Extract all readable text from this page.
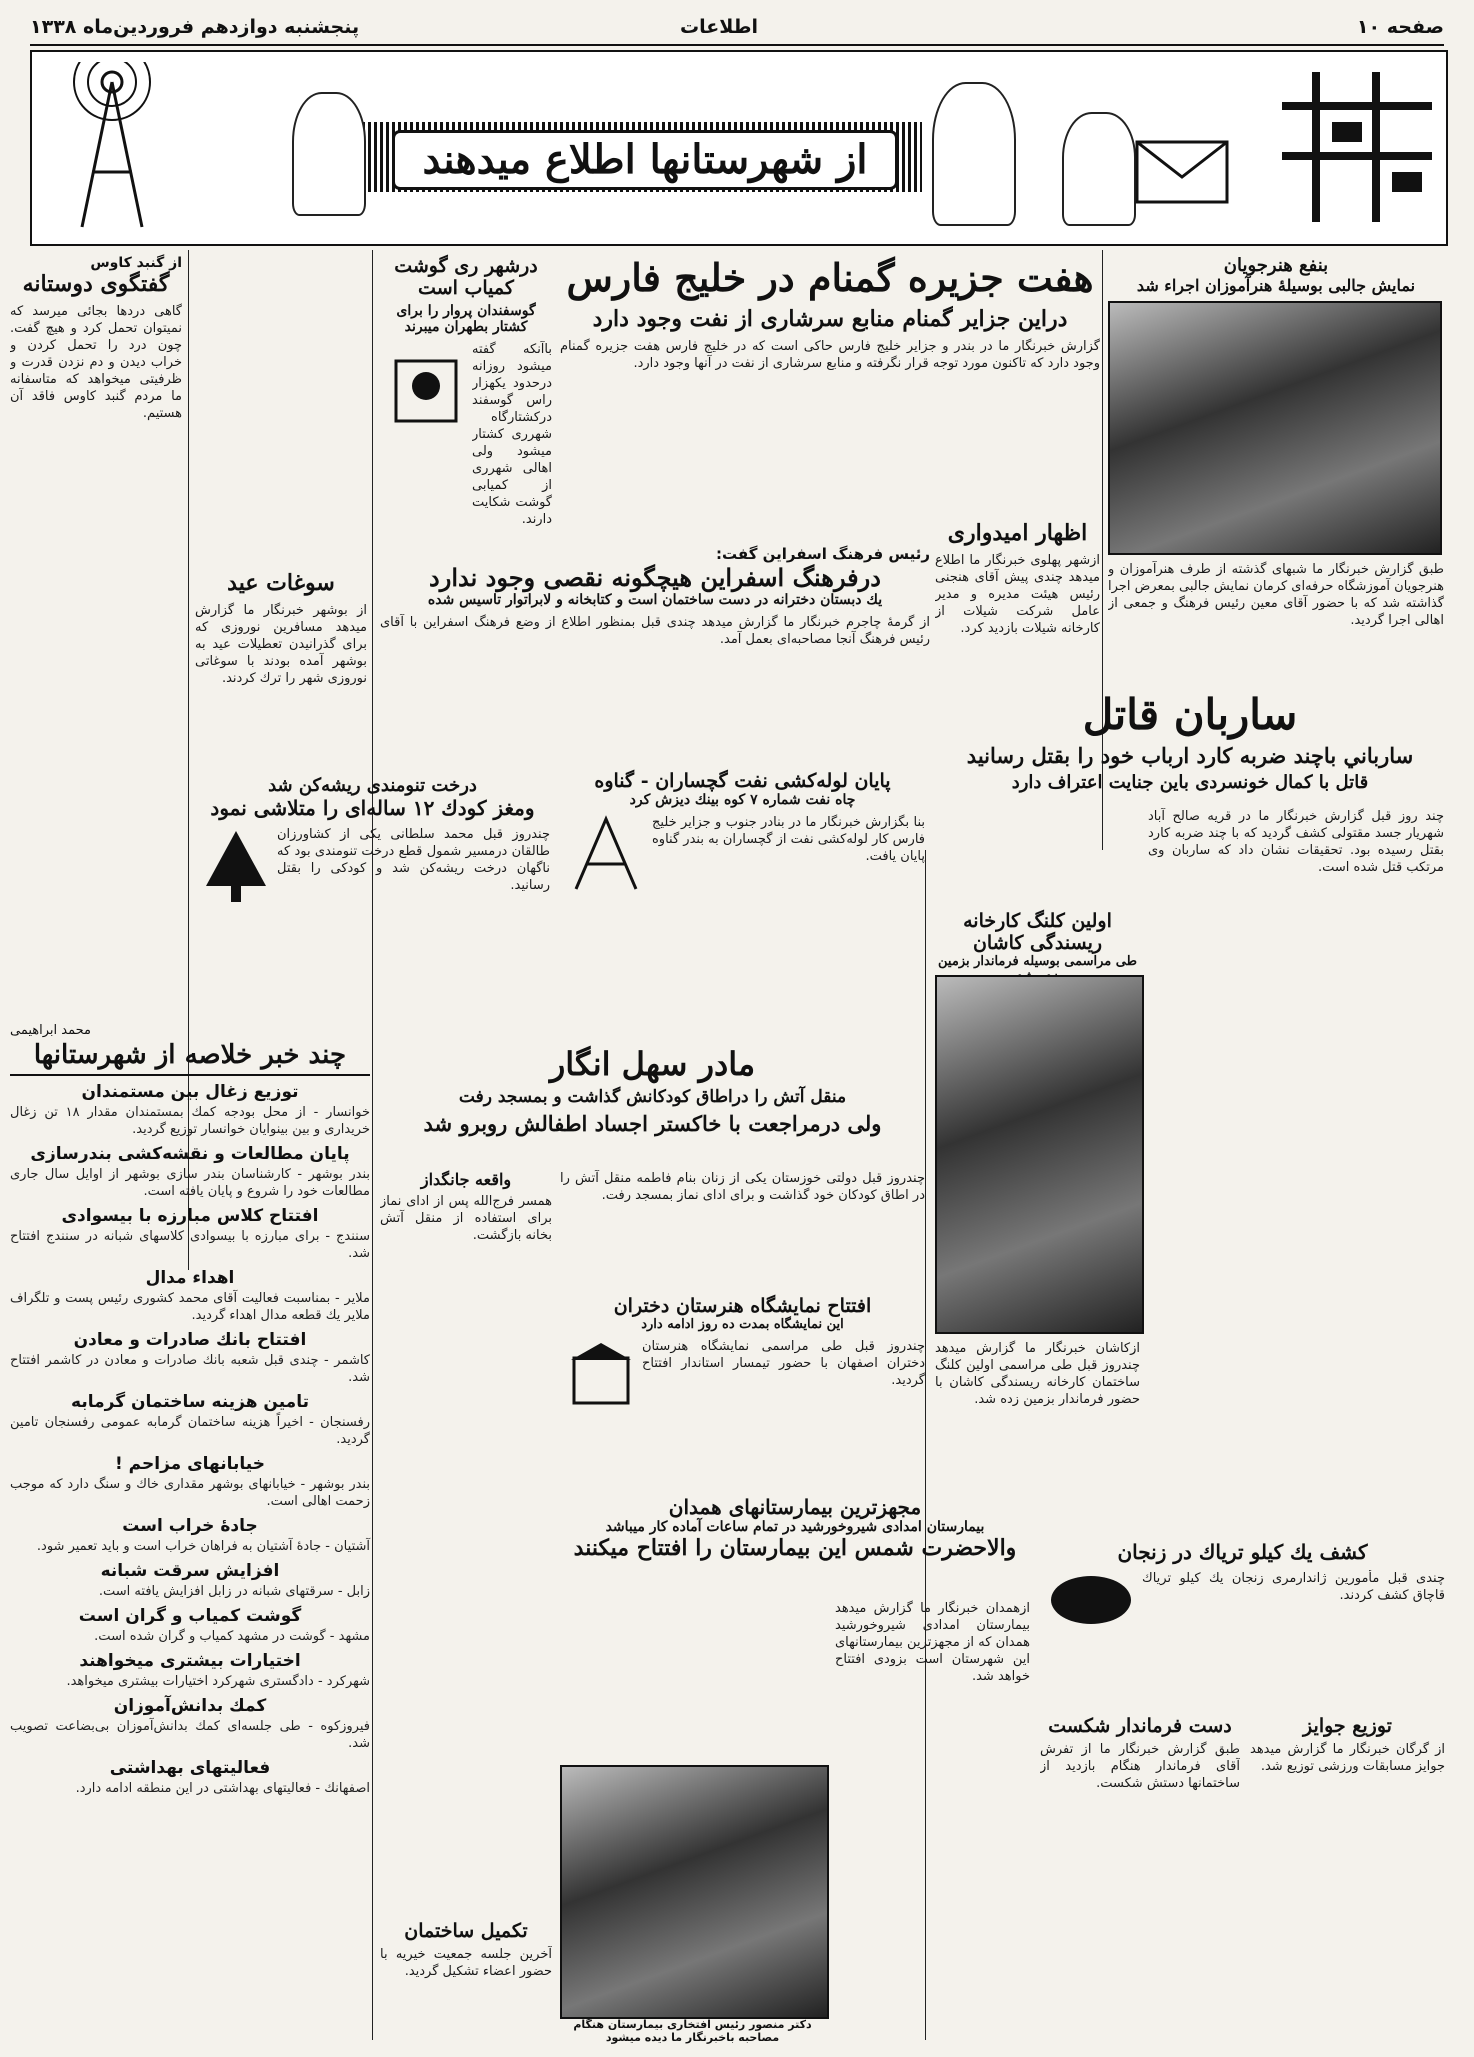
پنجشنبه دوازدهم فروردین‌ماه ۱۳۳۸	اطلاعات	صفحه ۱۰
از شهرستانها اطلاع میدهند
بنفع هنرجویان
نمایش جالبی بوسیلهٔ هنرآموزان اجراء شد
طبق گزارش خبرنگار ما شبهای گذشته از طرف هنرآموزان و هنرجویان آموزشگاه حرفه‌ای کرمان نمایش جالبی بمعرض اجرا گذاشته شد که با حضور آقای معین رئیس فرهنگ و جمعی از اهالی اجرا گردید.
هفت جزیره گمنام در خلیج فارس
دراین جزایر گمنام منابع سرشاری از نفت وجود دارد
گزارش خبرنگار ما در بندر و جزایر خلیج فارس حاکی است که در خلیج فارس هفت جزیره گمنام وجود دارد که تاکنون مورد توجه قرار نگرفته و منابع سرشاری از نفت در آنها وجود دارد.
درشهر ری گوشت کمیاب است
گوسفندان پروار را برای کشتار بطهران میبرند
باآنکه گفته میشود روزانه درحدود یکهزار راس گوسفند درکشتارگاه شهرری کشتار میشود ولی اهالی شهرری از کمیابی گوشت شکایت دارند.
از گنبد کاوس
گفتگوی دوستانه
گاهی دردها بجائی میرسد که نمیتوان تحمل کرد و هیچ گفت. چون درد را تحمل کردن و خراب دیدن و دم نزدن قدرت و ظرفیتی میخواهد که متاسفانه ما مردم گنبد کاوس فاقد آن هستیم.
محمد ابراهیمی
رئیس فرهنگ اسفراین گفت:
درفرهنگ اسفراین هیچگونه نقصی وجود ندارد
یك دبستان دخترانه در دست ساختمان است و کتابخانه و لابراتوار تاسیس شده
از گرمهٔ چاجرم خبرنگار ما گزارش میدهد چندی قبل بمنظور اطلاع از وضع فرهنگ اسفراین با آقای رئیس فرهنگ آنجا مصاحبه‌ای بعمل آمد.
اظهار امیدواری
ازشهر پهلوی خبرنگار ما اطلاع میدهد چندی پیش آقای هنجنی رئیس هیئت مدیره و مدیر عامل شرکت شیلات از کارخانه شیلات بازدید کرد.
سوغات عید
از بوشهر خبرنگار ما گزارش میدهد مسافرین نوروزی که برای گذرانیدن تعطیلات عید به بوشهر آمده بودند با سوغاتی نوروزی شهر را ترك کردند.
ساربان قاتل
سارباني باچند ضربه کارد ارباب خود را بقتل رسانید
قاتل با کمال خونسردی باین جنایت اعتراف دارد
چند روز قبل گزارش خبرنگار ما در قریه صالح آباد شهریار جسد مقتولی کشف گردید که با چند ضربه کارد بقتل رسیده بود. تحقیقات نشان داد که ساربان وی مرتکب قتل شده است.
اولین کلنگ کارخانه ریسندگی کاشان
طی مراسمی بوسیله فرماندار بزمین
ازکاشان خبرنگار ما گزارش میدهد چندروز قبل طی مراسمی اولین کلنگ ساختمان کارخانه ریسندگی کاشان با حضور فرماندار بزمین زده شد.
درخت تنومندی ریشه‌کن شد
ومغز کودك ۱۲ ساله‌ای را متلاشی نمود
چندروز قبل محمد سلطانی یکی از کشاورزان طالقان درمسیر شمول قطع درخت تنومندی بود که ناگهان درخت ریشه‌کن شد و کودکی را بقتل رسانید.
پایان لوله‌کشی نفت گچساران - گناوه
چاه نفت شماره ۷ کوه بینك دیزش کرد
بنا بگزارش خبرنگار ما در بنادر جنوب و جزایر خلیج فارس کار لوله‌کشی نفت از گچساران به بندر گناوه پایان یافت.
مادر سهل انگار
منقل آتش را دراطاق کودکانش گذاشت و بمسجد رفت
ولی درمراجعت با خاکستر اجساد اطفالش روبرو شد
چندروز قبل دولتی خوزستان یکی از زنان بنام فاطمه منقل آتش را در اطاق کودکان خود گذاشت و برای ادای نماز بمسجد رفت.
واقعه جانگداز
همسر فرج‌الله پس از ادای نماز برای استفاده از منقل آتش بخانه بازگشت.
افتتاح نمایشگاه هنرستان دختران
این نمایشگاه بمدت ده روز ادامه دارد
چندروز قبل طی مراسمی نمایشگاه هنرستان دختران اصفهان با حضور تیمسار استاندار افتتاح گردید.
مجهزترین بیمارستانهای همدان
بیمارستان امدادی شیروخورشید در تمام ساعات آماده کار میباشد
والاحضرت شمس این بیمارستان را افتتاح میکنند
ازهمدان خبرنگار ما گزارش میدهد بیمارستان امدادی شیروخورشید همدان که از مجهزترین بیمارستانهای این شهرستان است بزودی افتتاح خواهد شد.
دکتر منصور رئیس افتخاری بیمارستان هنگام مصاحبه باخبرنگار ما دیده میشود
تکمیل ساختمان
آخرین جلسه جمعیت خیریه با حضور اعضاء تشکیل گردید.
کشف یك کیلو تریاك در زنجان
چندی قبل مأمورین ژاندارمری زنجان یك کیلو تریاك قاچاق کشف کردند.
دست فرماندار شکست
طبق گزارش خبرنگار ما از تفرش آقای فرماندار هنگام بازدید از ساختمانها دستش شکست.
توزیع جوایز
از گرگان خبرنگار ما گزارش میدهد جوایز مسابقات ورزشی توزیع شد.
چند خبر خلاصه از شهرستانها
توزیع زغال بین مستمندان
خوانسار - از محل بودجه کمك بمستمندان مقدار ۱۸ تن زغال خریداری و بین بینوایان خوانسار توزیع گردید.
پایان مطالعات و نقشه‌کشی بندرسازی
بندر بوشهر - کارشناسان بندر سازی بوشهر از اوایل سال جاری مطالعات خود را شروع و پایان یافته است.
افتتاح کلاس مبارزه با بیسوادی
سنندج - برای مبارزه با بیسوادی کلاسهای شبانه در سنندج افتتاح شد.
اهداء مدال
ملایر - بمناسبت فعالیت آقای محمد کشوری رئیس پست و تلگراف ملایر یك قطعه مدال اهداء گردید.
افتتاح بانك صادرات و معادن
کاشمر - چندی قبل شعبه بانك صادرات و معادن در کاشمر افتتاح شد.
تامین هزینه ساختمان گرمابه
رفسنجان - اخیراً هزینه ساختمان گرمابه عمومی رفسنجان تامین گردید.
خیابانهای مزاحم !
بندر بوشهر - خیابانهای بوشهر مقداری خاك و سنگ دارد که موجب زحمت اهالی است.
جادهٔ خراب است
آشتیان - جادهٔ آشتیان به فراهان خراب است و باید تعمیر شود.
افزایش سرقت شبانه
زابل - سرقتهای شبانه در زابل افزایش یافته است.
گوشت کمیاب و گران است
مشهد - گوشت در مشهد کمیاب و گران شده است.
اختیارات بیشتری میخواهند
شهرکرد - دادگستری شهرکرد اختیارات بیشتری میخواهد.
کمك بدانش‌آموزان
فیروزکوه - طی جلسه‌ای کمك بدانش‌آموزان بی‌بضاعت تصویب شد.
فعالیتهای بهداشتی
اصفهانك - فعالیتهای بهداشتی در این منطقه ادامه دارد.
